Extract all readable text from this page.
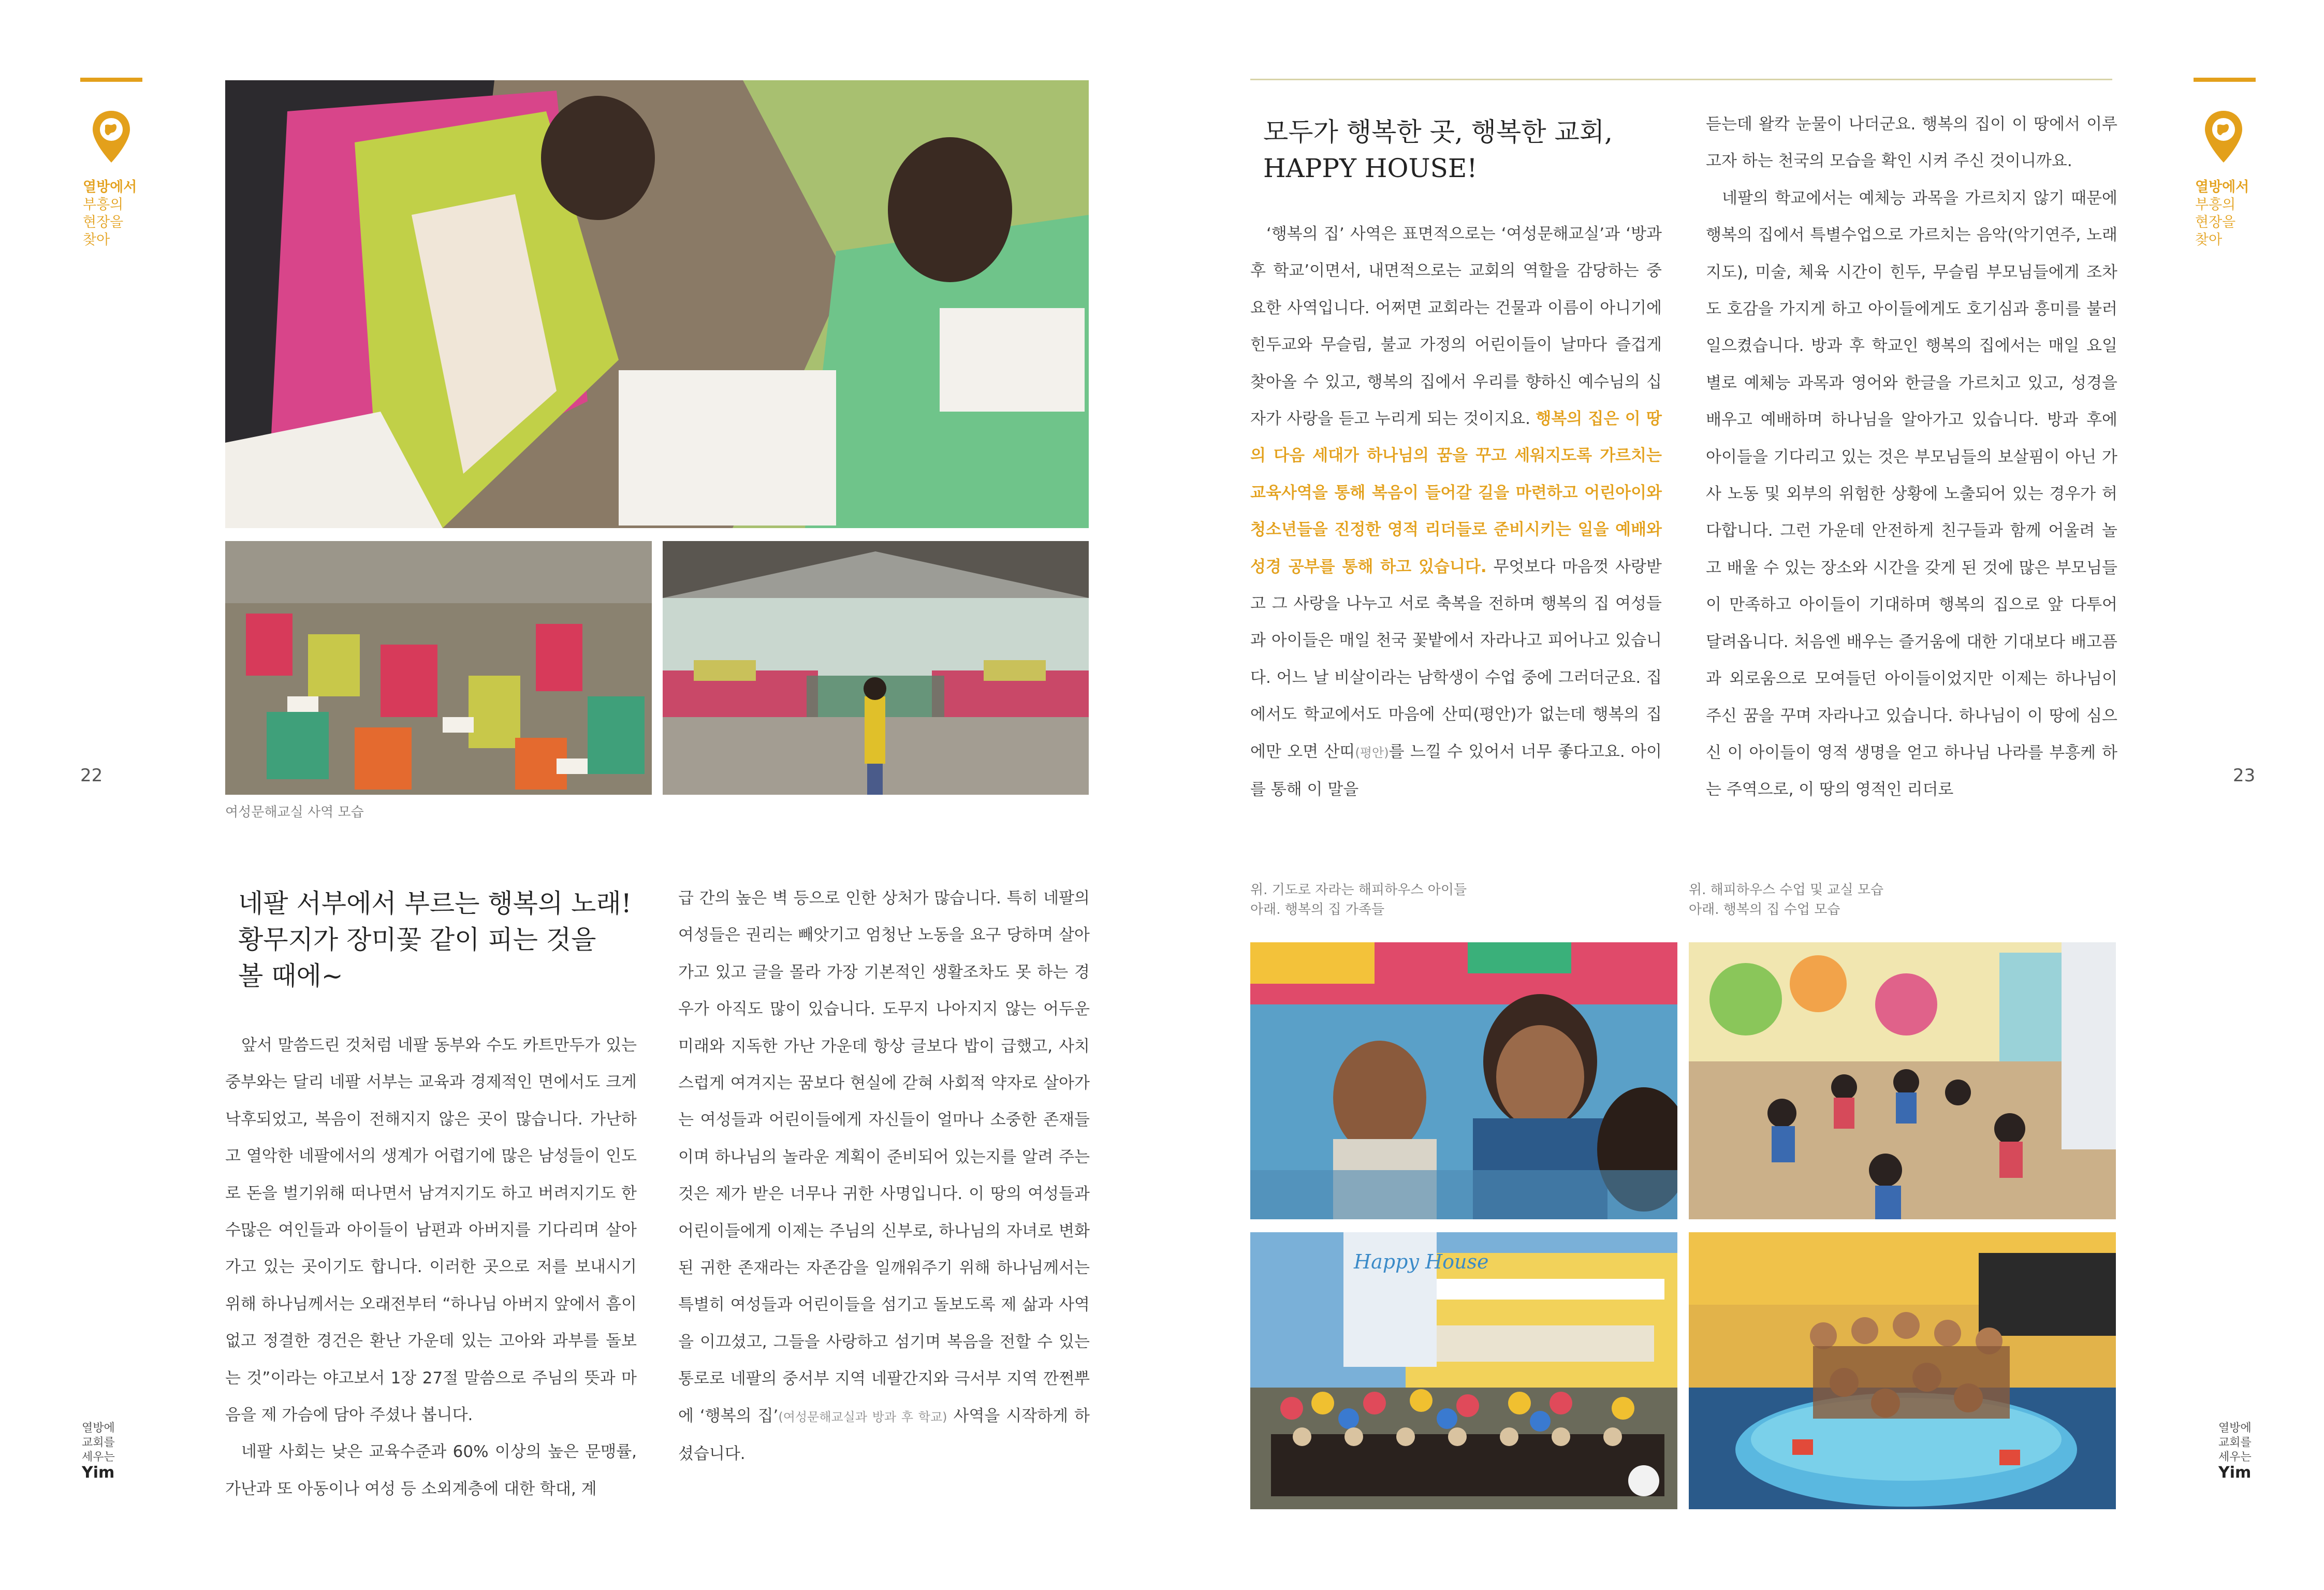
열방에서
부흥의
현장을
찾아
22
열방에
교회를
세우는
Yim
여성문해교실 사역 모습
네팔 서부에서 부르는 행복의 노래!
황무지가 장미꽃 같이 피는 것을
볼 때에~

앞서 말씀드린 것처럼 네팔 동부와 수도 카트만두가 있는 중부와는 달리 네팔 서부는 교육과 경제적인 면에서도 크게 낙후되었고, 복음이 전해지지 않은 곳이 많습니다. 가난하고 열악한 네팔에서의 생계가 어렵기에 많은 남성들이 인도로 돈을 벌기위해 떠나면서 남겨지기도 하고 버려지기도 한 수많은 여인들과 아이들이 남편과 아버지를 기다리며 살아가고 있는 곳이기도 합니다. 이러한 곳으로 저를 보내시기 위해 하나님께서는 오래전부터 “하나님 아버지 앞에서 흠이 없고 정결한 경건은 환난 가운데 있는 고아와 과부를 돌보는 것”이라는 야고보서 1장 27절 말씀으로 주님의 뜻과 마음을 제 가슴에 담아 주셨나 봅니다.

네팔 사회는 낮은 교육수준과 60% 이상의 높은 문맹률, 가난과 또 아동이나 여성 등 소외계층에 대한 학대, 계

급 간의 높은 벽 등으로 인한 상처가 많습니다. 특히 네팔의 여성들은 권리는 빼앗기고 엄청난 노동을 요구 당하며 살아가고 있고 글을 몰라 가장 기본적인 생활조차도 못 하는 경우가 아직도 많이 있습니다. 도무지 나아지지 않는 어두운 미래와 지독한 가난 가운데 항상 글보다 밥이 급했고, 사치스럽게 여겨지는 꿈보다 현실에 갇혀 사회적 약자로 살아가는 여성들과 어린이들에게 자신들이 얼마나 소중한 존재들이며 하나님의 놀라운 계획이 준비되어 있는지를 알려 주는 것은 제가 받은 너무나 귀한 사명입니다. 이 땅의 여성들과 어린이들에게 이제는 주님의 신부로, 하나님의 자녀로 변화된 귀한 존재라는 자존감을 일깨워주기 위해 하나님께서는 특별히 여성들과 어린이들을 섬기고 돌보도록 제 삶과 사역을 이끄셨고, 그들을 사랑하고 섬기며 복음을 전할 수 있는 통로로 네팔의 중서부 지역 네팔간지와 극서부 지역 깐쩐뿌에 ‘행복의 집’(여성문해교실과 방과 후 학교) 사역을 시작하게 하셨습니다.

열방에서
부흥의
현장을
찾아
23
열방에
교회를
세우는
Yim
모두가 행복한 곳, 행복한 교회,
HAPPY HOUSE!

‘행복의 집’ 사역은 표면적으로는 ‘여성문해교실’과 ‘방과 후 학교’이면서, 내면적으로는 교회의 역할을 감당하는 중요한 사역입니다. 어쩌면 교회라는 건물과 이름이 아니기에 힌두교와 무슬림, 불교 가정의 어린이들이 날마다 즐겁게 찾아올 수 있고, 행복의 집에서 우리를 향하신 예수님의 십자가 사랑을 듣고 누리게 되는 것이지요. 행복의 집은 이 땅의 다음 세대가 하나님의 꿈을 꾸고 세워지도록 가르치는 교육사역을 통해 복음이 들어갈 길을 마련하고 어린아이와 청소년들을 진정한 영적 리더들로 준비시키는 일을 예배와 성경 공부를 통해 하고 있습니다. 무엇보다 마음껏 사랑받고 그 사랑을 나누고 서로 축복을 전하며 행복의 집 여성들과 아이들은 매일 천국 꽃밭에서 자라나고 피어나고 있습니다. 어느 날 비살이라는 남학생이 수업 중에 그러더군요. 집에서도 학교에서도 마음에 산띠(평안)가 없는데 행복의 집에만 오면 산띠(평안)를 느낄 수 있어서 너무 좋다고요. 아이를 통해 이 말을

듣는데 왈칵 눈물이 나더군요. 행복의 집이 이 땅에서 이루고자 하는 천국의 모습을 확인 시켜 주신 것이니까요.

네팔의 학교에서는 예체능 과목을 가르치지 않기 때문에 행복의 집에서 특별수업으로 가르치는 음악(악기연주, 노래지도), 미술, 체육 시간이 힌두, 무슬림 부모님들에게 조차도 호감을 가지게 하고 아이들에게도 호기심과 흥미를 불러일으켰습니다. 방과 후 학교인 행복의 집에서는 매일 요일별로 예체능 과목과 영어와 한글을 가르치고 있고, 성경을 배우고 예배하며 하나님을 알아가고 있습니다. 방과 후에 아이들을 기다리고 있는 것은 부모님들의 보살핌이 아닌 가사 노동 및 외부의 위험한 상황에 노출되어 있는 경우가 허다합니다. 그런 가운데 안전하게 친구들과 함께 어울려 놀고 배울 수 있는 장소와 시간을 갖게 된 것에 많은 부모님들이 만족하고 아이들이 기대하며 행복의 집으로 앞 다투어 달려옵니다. 처음엔 배우는 즐거움에 대한 기대보다 배고픔과 외로움으로 모여들던 아이들이었지만 이제는 하나님이 주신 꿈을 꾸며 자라나고 있습니다. 하나님이 이 땅에 심으신 이 아이들이 영적 생명을 얻고 하나님 나라를 부흥케 하는 주역으로, 이 땅의 영적인 리더로

위. 기도로 자라는 해피하우스 아이들
아래. 행복의 집 가족들
위. 해피하우스 수업 및 교실 모습
아래. 행복의 집 수업 모습
Happy House
